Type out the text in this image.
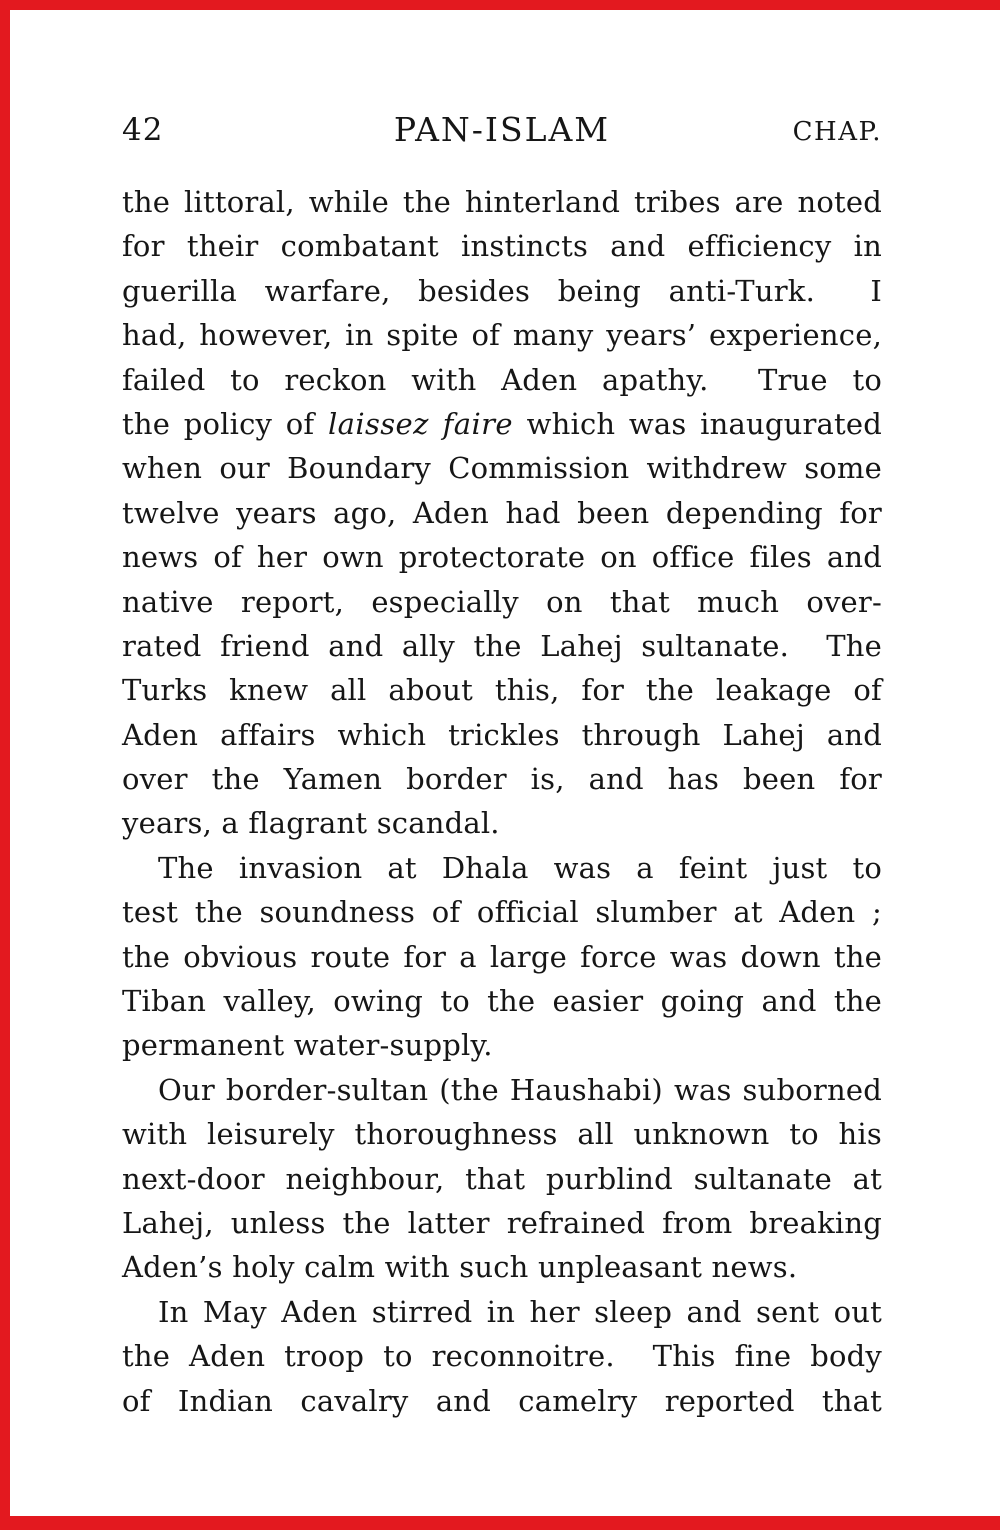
42	PAN-ISLAM	CHAP.
the littoral, while the hinterland tribes are noted
for their combatant instincts and efficiency in
guerilla warfare, besides being anti-Turk.  I
had, however, in spite of many years’ experience,
failed to reckon with Aden apathy.  True to
the policy of laissez faire which was inaugurated
when our Boundary Commission withdrew some
twelve years ago, Aden had been depending for
news of her own protectorate on office files and
native report, especially on that much over-
rated friend and ally the Lahej sultanate.  The
Turks knew all about this, for the leakage of
Aden affairs which trickles through Lahej and
over the Yamen border is, and has been for
years, a flagrant scandal.
The invasion at Dhala was a feint just to
test the soundness of official slumber at Aden ;
the obvious route for a large force was down the
Tiban valley, owing to the easier going and the
permanent water-supply.
Our border-sultan (the Haushabi) was suborned
with leisurely thoroughness all unknown to his
next-door neighbour, that purblind sultanate at
Lahej, unless the latter refrained from breaking
Aden’s holy calm with such unpleasant news.
In May Aden stirred in her sleep and sent out
the Aden troop to reconnoitre.  This fine body
of Indian cavalry and camelry reported that
